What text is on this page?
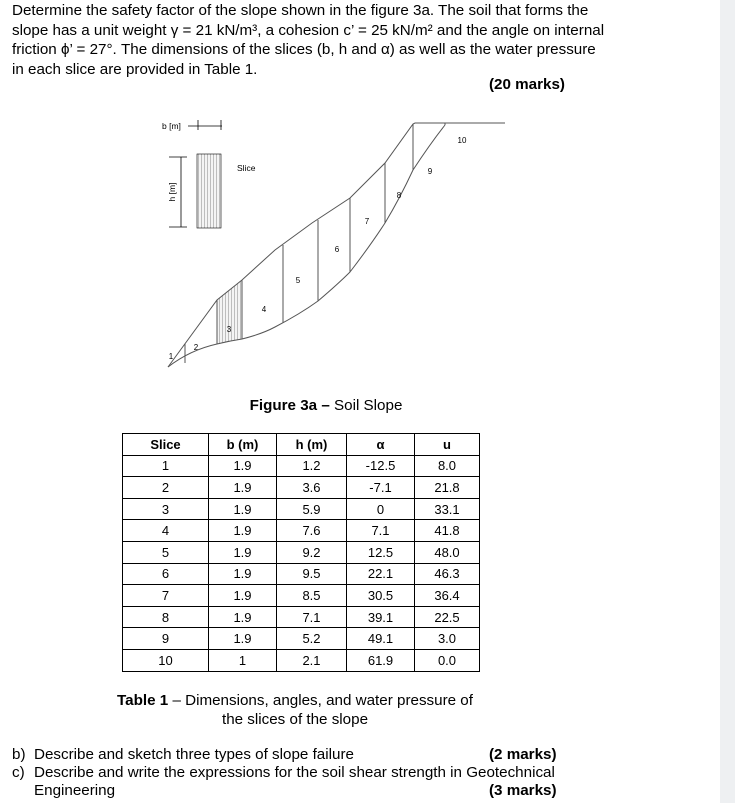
Determine the safety factor of the slope shown in the figure 3a. The soil that forms the
slope has a unit weight γ = 21 kN/m³, a cohesion c’ = 25 kN/m² and the angle on internal
friction ϕ’ = 27°. The dimensions of the slices (b, h and α) as well as the water pressure
in each slice are provided in Table 1.
(20 marks)
b [m]
h [m]
Slice
1
2
3
4
5
6
7
8
9
10
Figure 3a – Soil Slope
Slice	b (m)	h (m)	α	u
1	1.9	1.2	-12.5	8.0
2	1.9	3.6	-7.1	21.8
3	1.9	5.9	0	33.1
4	1.9	7.6	7.1	41.8
5	1.9	9.2	12.5	48.0
6	1.9	9.5	22.1	46.3
7	1.9	8.5	30.5	36.4
8	1.9	7.1	39.1	22.5
9	1.9	5.2	49.1	3.0
10	1	2.1	61.9	0.0
Table 1 – Dimensions, angles, and water pressure of
the slices of the slope
b) Describe and sketch three types of slope failure	(2 marks)
c) Describe and write the expressions for the soil shear strength in Geotechnical
Engineering	(3 marks)
